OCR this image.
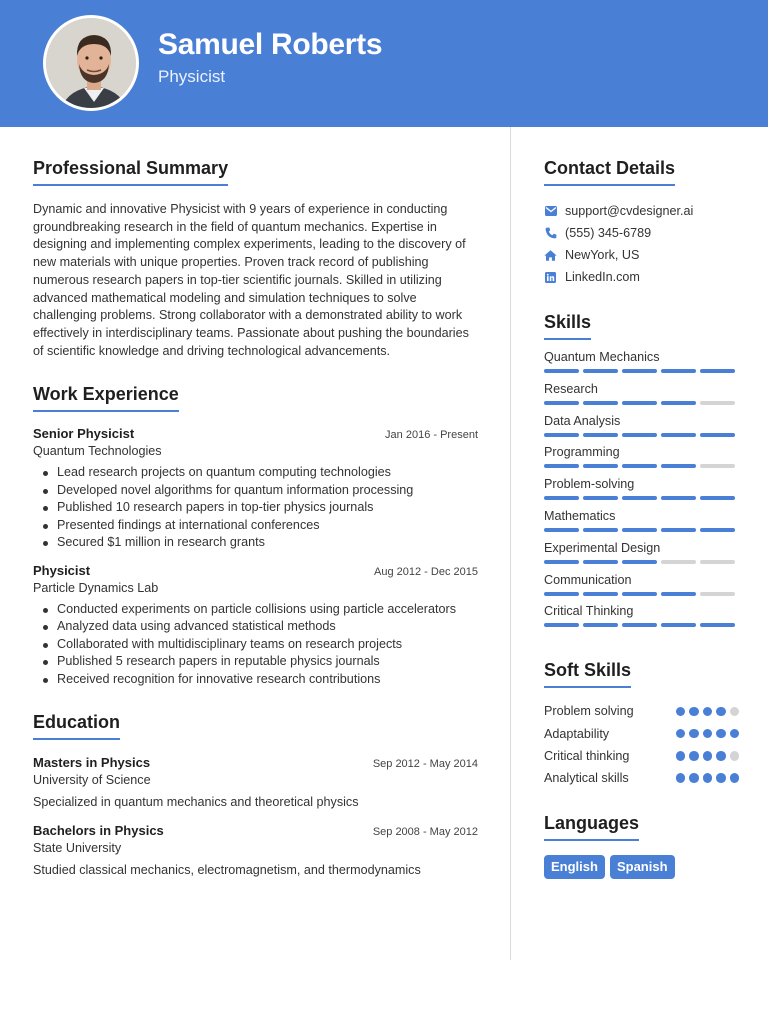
Samuel Roberts
Physicist
Professional Summary

Dynamic and innovative Physicist with 9 years of experience in conducting groundbreaking research in the field of quantum mechanics. Expertise in designing and implementing complex experiments, leading to the discovery of new materials with unique properties. Proven track record of publishing numerous research papers in top-tier scientific journals. Skilled in utilizing advanced mathematical modeling and simulation techniques to solve challenging problems. Strong collaborator with a demonstrated ability to work effectively in interdisciplinary teams. Passionate about pushing the boundaries of scientific knowledge and driving technological advancements.

Work Experience
Senior Physicist	Jan 2016 - Present
Quantum Technologies
Lead research projects on quantum computing technologies
Developed novel algorithms for quantum information processing
Published 10 research papers in top-tier physics journals
Presented findings at international conferences
Secured $1 million in research grants
Physicist	Aug 2012 - Dec 2015
Particle Dynamics Lab
Conducted experiments on particle collisions using particle accelerators
Analyzed data using advanced statistical methods
Collaborated with multidisciplinary teams on research projects
Published 5 research papers in reputable physics journals
Received recognition for innovative research contributions
Education
Masters in Physics	Sep 2012 - May 2014
University of Science
Specialized in quantum mechanics and theoretical physics
Bachelors in Physics	Sep 2008 - May 2012
State University
Studied classical mechanics, electromagnetism, and thermodynamics
Contact Details
support@cvdesigner.ai
(555) 345-6789
NewYork, US
LinkedIn.com
Skills
Quantum Mechanics
Research
Data Analysis
Programming
Problem-solving
Mathematics
Experimental Design
Communication
Critical Thinking
Soft Skills
Problem solving
Adaptability
Critical thinking
Analytical skills
Languages
English	Spanish
